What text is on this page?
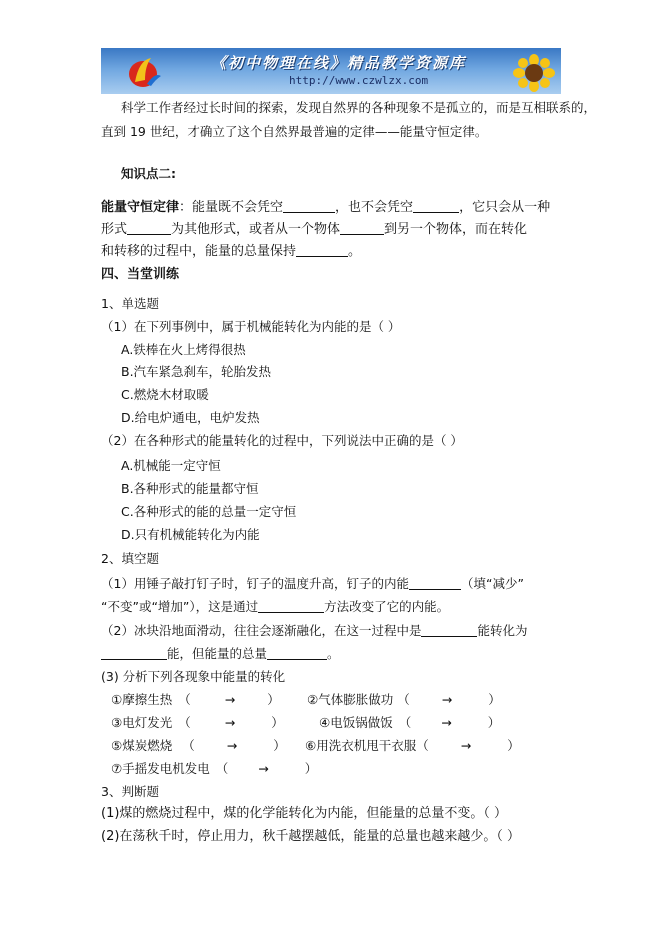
《初中物理在线》精品教学资源库
http://www.czwlzx.com
科学工作者经过长时间的探索，发现自然界的各种现象不是孤立的，而是互相联系的，
直到 19 世纪，才确立了这个自然界最普遍的定律——能量守恒定律。
知识点二:
能量守恒定律：能量既不会凭空	，也不会凭空	，它只会从一种
形式	为其他形式，或者从一个物体	到另一个物体，而在转化
和转移的过程中，能量的总量保持	。
四、当堂训练
1、单选题
（1）在下列事例中，属于机械能转化为内能的是（ ）
A.铁棒在火上烤得很热
B.汽车紧急刹车，轮胎发热
C.燃烧木材取暖
D.给电炉通电，电炉发热
（2）在各种形式的能量转化的过程中，下列说法中正确的是（ ）
A.机械能一定守恒
B.各种形式的能量都守恒
C.各种形式的能的总量一定守恒
D.只有机械能转化为内能
2、填空题
（1）用锤子敲打钉子时，钉子的温度升高，钉子的内能	（填“减少”
“不变”或“增加”），这是通过	方法改变了它的内能。
（2）冰块沿地面滑动，往往会逐渐融化，在这一过程中是	能转化为
能，但能量的总量	。
(3) 分析下列各现象中能量的转化
①摩擦生热 （	→	） ②气体膨胀做功 （	→	）
③电灯发光 （	→	）	④电饭锅做饭 （ →	）
⑤煤炭燃烧 （	→	） ⑥用洗衣机甩干衣服（	→	）
⑦手摇发电机发电 （ →	）
3、判断题
(1)煤的燃烧过程中，煤的化学能转化为内能，但能量的总量不变。（ ）
(2)在荡秋千时，停止用力，秋千越摆越低，能量的总量也越来越少。（ ）
